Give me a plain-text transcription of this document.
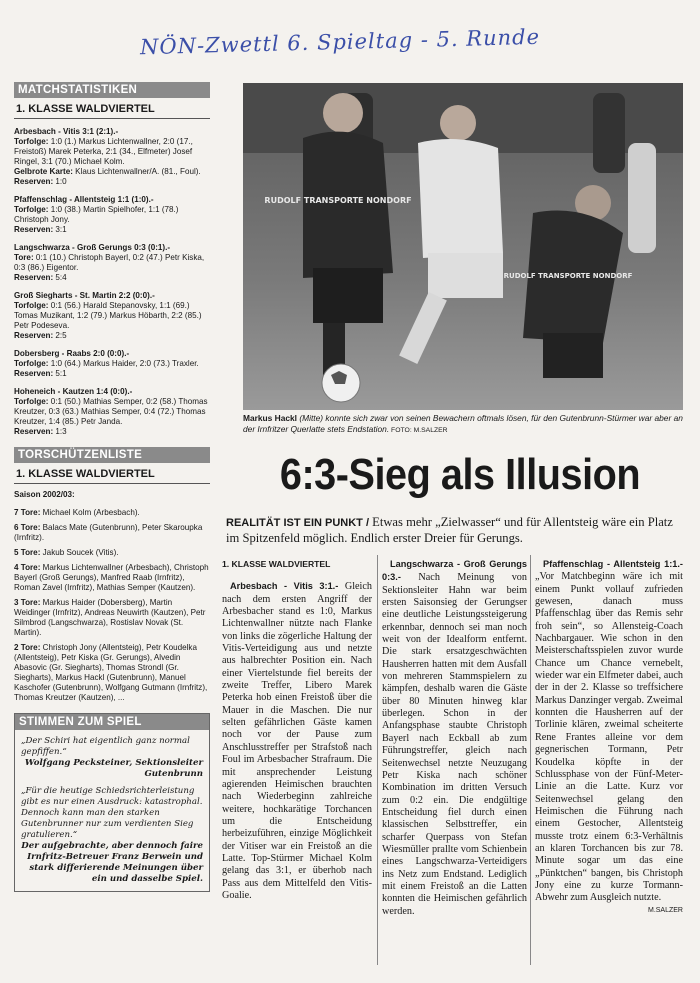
NÖN-Zwettl 6. Spieltag - 5. Runde
MATCHSTATISTIKEN
1. KLASSE WALDVIERTEL

Arbesbach - Vitis 3:1 (2:1).-

Torfolge: 1:0 (1.) Markus Lichtenwallner, 2:0 (17., Freistoß) Marek Peterka, 2:1 (34., Elfmeter) Josef Ringel, 3:1 (70.) Michael Kolm.

Gelbrote Karte: Klaus Lichtenwallner/A. (81., Foul).

Reserven: 1:0

Pfaffenschlag - Allentsteig 1:1 (1:0).-

Torfolge: 1:0 (38.) Martin Spielhofer, 1:1 (78.) Christoph Jony.

Reserven: 3:1

Langschwarza - Groß Gerungs 0:3 (0:1).-

Tore: 0:1 (10.) Christoph Bayerl, 0:2 (47.) Petr Kiska, 0:3 (86.) Eigentor.

Reserven: 5:4

Groß Siegharts - St. Martin 2:2 (0:0).-

Torfolge: 0:1 (56.) Harald Stepanovsky, 1:1 (69.) Tomas Muzikant, 1:2 (79.) Markus Höbarth, 2:2 (85.) Petr Podeseva.

Reserven: 2:5

Dobersberg - Raabs 2:0 (0:0).-

Torfolge: 1:0 (64.) Markus Haider, 2:0 (73.) Traxler.

Reserven: 5:1

Hoheneich - Kautzen 1:4 (0:0).-

Torfolge: 0:1 (50.) Mathias Semper, 0:2 (58.) Thomas Kreutzer, 0:3 (63.) Mathias Semper, 0:4 (72.) Thomas Kreutzer, 1:4 (85.) Petr Janda.

Reserven: 1:3

TORSCHÜTZENLISTE
1. KLASSE WALDVIERTEL
Saison 2002/03:

7 Tore: Michael Kolm (Arbesbach).

6 Tore: Balacs Mate (Gutenbrunn), Peter Skaroupka (Irnfritz).

5 Tore: Jakub Soucek (Vitis).

4 Tore: Markus Lichtenwallner (Arbesbach), Christoph Bayerl (Groß Gerungs), Manfred Raab (Irnfritz), Roman Zavel (Irnfritz), Mathias Semper (Kautzen).

3 Tore: Markus Haider (Dobersberg), Martin Weidinger (Irnfritz), Andreas Neuwirth (Kautzen), Petr Silmbrod (Langschwarza), Rostislav Novak (St. Martin).

2 Tore: Christoph Jony (Allentsteig), Petr Koudelka (Allentsteig), Petr Kiska (Gr. Gerungs), Alvedin Abasovic (Gr. Siegharts), Thomas Strondl (Gr. Siegharts), Markus Hackl (Gutenbrunn), Manuel Kaschofer (Gutenbrunn), Wolfgang Gutmann (Irnfritz), Thomas Kreutzer (Kautzen), ...

STIMMEN ZUM SPIEL
„Der Schiri hat eigentlich ganz normal gepfiffen.“
Wolfgang Pecksteiner, Sektionsleiter Gutenbrunn
„Für die heutige Schiedsrichterleistung gibt es nur einen Ausdruck: katastrophal. Dennoch kann man den starken Gutenbrunner nur zum verdienten Sieg gratulieren.“
Der aufgebrachte, aber dennoch faire Irnfritz-Betreuer Franz Berwein und stark differierende Meinungen über ein und dasselbe Spiel.
RUDOLF TRANSPORTE NONDORF
RUDOLF TRANSPORTE NONDORF
Markus Hackl (Mitte) konnte sich zwar von seinen Bewachern oftmals lösen, für den Gutenbrunn-Stürmer war aber an der Irnfritzer Querlatte stets Endstation. FOTO: M.SALZER
6:3-Sieg als Illusion
REALITÄT IST EIN PUNKT / Etwas mehr „Zielwasser“ und für Allentsteig wäre ein Platz im Spitzenfeld möglich. Endlich erster Dreier für Gerungs.

1. KLASSE WALDVIERTEL

Arbesbach - Vitis 3:1.- Gleich nach dem ersten Angriff der Arbesbacher stand es 1:0, Markus Lichtenwallner nützte nach Flanke von links die zögerliche Haltung der Vitis-Verteidigung aus und netzte aus halbrechter Position ein. Nach einer Viertelstunde fiel bereits der zweite Treffer, Libero Marek Peterka hob einen Freistoß über die Mauer in die Maschen. Die nur selten gefährlichen Gäste kamen noch vor der Pause zum Anschlusstreffer per Strafstoß nach Foul im Arbesbacher Strafraum. Die mit ansprechender Leistung agierenden Heimischen brauchten nach Wiederbeginn zahlreiche weitere, hochkarätige Torchancen um die Entscheidung herbeizuführen, einzige Möglichkeit der Vitiser war ein Freistoß an die Latte. Top-Stürmer Michael Kolm gelang das 3:1, er überhob nach Pass aus dem Mittelfeld den Vitis-Goalie.

Langschwarza - Groß Gerungs 0:3.- Nach Meinung von Sektionsleiter Hahn war beim ersten Saisonsieg der Gerungser eine deutliche Leistungssteigerung erkennbar, dennoch sei man noch weit von der Idealform entfernt. Die stark ersatzgeschwächten Hausherren hatten mit dem Ausfall von mehreren Stammspielern zu kämpfen, deshalb waren die Gäste über 80 Minuten hinweg klar überlegen. Schon in der Anfangsphase staubte Christoph Bayerl nach Eckball ab zum Führungstreffer, gleich nach Seitenwechsel netzte Neuzugang Petr Kiska nach schöner Kombination im dritten Versuch zum 0:2 ein. Die endgültige Entscheidung fiel durch einen klassischen Selbsttreffer, ein scharfer Querpass von Stefan Wiesmüller prallte vom Schienbein eines Langschwarza-Verteidigers ins Netz zum Endstand. Lediglich mit einem Freistoß an die Latten konnten die Heimischen gefährlich werden.

Pfaffenschlag - Allentsteig 1:1.- „Vor Matchbeginn wäre ich mit einem Punkt vollauf zufrieden gewesen, danach muss Pfaffenschlag über das Remis sehr froh sein“, so Allensteig-Coach Nachbargauer. Wie schon in den Meisterschaftsspielen zuvor wurde Chance um Chance vernebelt, wieder war ein Elfmeter dabei, auch der in der 2. Klasse so treffsichere Markus Danzinger vergab. Zweimal konnten die Hausherren auf der Torlinie klären, zweimal scheiterte Rene Frantes alleine vor dem gegnerischen Tormann, Petr Koudelka köpfte in der Schlussphase von der Fünf-Meter-Linie an die Latte. Kurz vor Seitenwechsel gelang den Heimischen die Führung nach einem Gestocher, Allentsteig musste trotz einem 6:3-Verhältnis an klaren Torchancen bis zur 78. Minute sogar um das eine „Pünktchen“ bangen, bis Christoph Jony eine zu kurze Tormann-Abwehr zum Ausgleich nutzte.
M.SALZER
